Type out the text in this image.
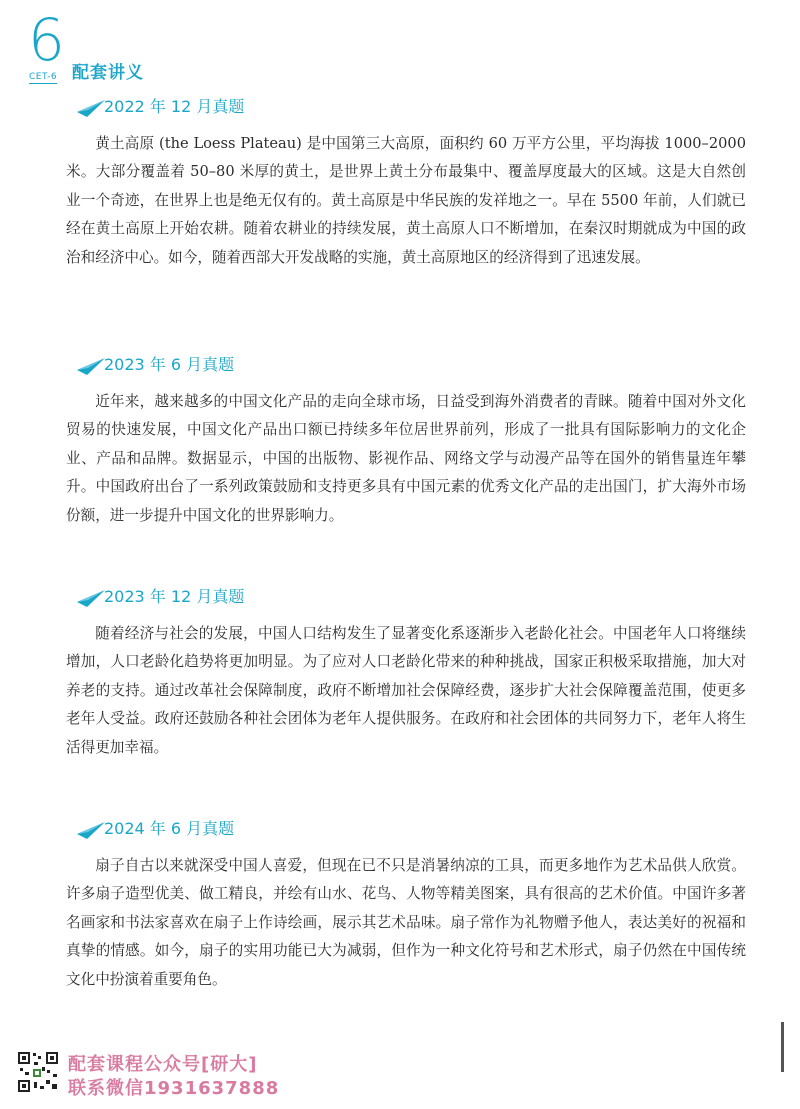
6
CET-6 配套讲义
2022 年 12 月真题

黄土高原 (the Loess Plateau) 是中国第三大高原，面积约 60 万平方公里，平均海拔 1000–2000 米。大部分覆盖着 50–80 米厚的黄土，是世界上黄土分布最集中、覆盖厚度最大的区域。这是大自然创业一个奇迹，在世界上也是绝无仅有的。黄土高原是中华民族的发祥地之一。早在 5500 年前，人们就已经在黄土高原上开始农耕。随着农耕业的持续发展，黄土高原人口不断增加，在秦汉时期就成为中国的政治和经济中心。如今，随着西部大开发战略的实施，黄土高原地区的经济得到了迅速发展。

2023 年 6 月真题

近年来，越来越多的中国文化产品的走向全球市场，日益受到海外消费者的青睐。随着中国对外文化贸易的快速发展，中国文化产品出口额已持续多年位居世界前列，形成了一批具有国际影响力的文化企业、产品和品牌。数据显示，中国的出版物、影视作品、网络文学与动漫产品等在国外的销售量连年攀升。中国政府出台了一系列政策鼓励和支持更多具有中国元素的优秀文化产品的走出国门，扩大海外市场份额，进一步提升中国文化的世界影响力。

2023 年 12 月真题

随着经济与社会的发展，中国人口结构发生了显著变化系逐渐步入老龄化社会。中国老年人口将继续增加，人口老龄化趋势将更加明显。为了应对人口老龄化带来的种种挑战，国家正积极采取措施，加大对养老的支持。通过改革社会保障制度，政府不断增加社会保障经费，逐步扩大社会保障覆盖范围，使更多老年人受益。政府还鼓励各种社会团体为老年人提供服务。在政府和社会团体的共同努力下，老年人将生活得更加幸福。

2024 年 6 月真题

扇子自古以来就深受中国人喜爱，但现在已不只是消暑纳凉的工具，而更多地作为艺术品供人欣赏。许多扇子造型优美、做工精良，并绘有山水、花鸟、人物等精美图案，具有很高的艺术价值。中国许多著名画家和书法家喜欢在扇子上作诗绘画，展示其艺术品味。扇子常作为礼物赠予他人，表达美好的祝福和真挚的情感。如今，扇子的实用功能已大为减弱，但作为一种文化符号和艺术形式，扇子仍然在中国传统文化中扮演着重要角色。

配套课程公众号[研大]
联系微信1931637888
